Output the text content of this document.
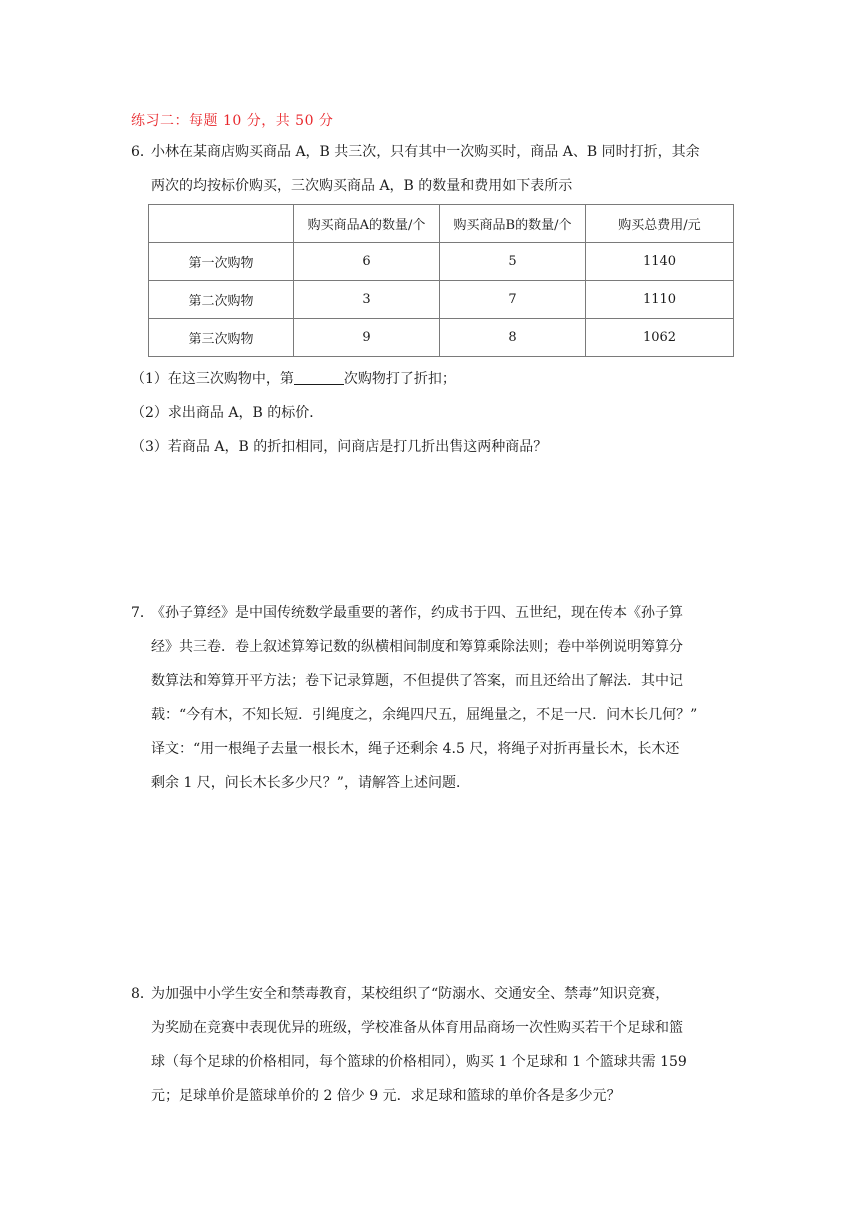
练习二：每题 10 分，共 50 分
6．小林在某商店购买商品 A，B 共三次，只有其中一次购买时，商品 A、B 同时打折，其余
两次的均按标价购买，三次购买商品 A，B 的数量和费用如下表所示
	购买商品A的数量/个	购买商品B的数量/个	购买总费用/元
第一次购物	6	5	1140
第二次购物	3	7	1110
第三次购物	9	8	1062
（1）在这三次购物中，第	次购物打了折扣；
（2）求出商品 A，B 的标价．
（3）若商品 A，B 的折扣相同，问商店是打几折出售这两种商品？
7．《孙子算经》是中国传统数学最重要的著作，约成书于四、五世纪，现在传本《孙子算
经》共三卷．卷上叙述算筹记数的纵横相间制度和筹算乘除法则；卷中举例说明筹算分
数算法和筹算开平方法；卷下记录算题，不但提供了答案，而且还给出了解法．其中记
载：“今有木，不知长短．引绳度之，余绳四尺五，屈绳量之，不足一尺．问木长几何？”
译文：“用一根绳子去量一根长木，绳子还剩余 4.5 尺，将绳子对折再量长木，长木还
剩余 1 尺，问长木长多少尺？”，请解答上述问题．
8．为加强中小学生安全和禁毒教育，某校组织了“防溺水、交通安全、禁毒”知识竞赛，
为奖励在竞赛中表现优异的班级，学校准备从体育用品商场一次性购买若干个足球和篮
球（每个足球的价格相同，每个篮球的价格相同），购买 1 个足球和 1 个篮球共需 159
元；足球单价是篮球单价的 2 倍少 9 元．求足球和篮球的单价各是多少元？
